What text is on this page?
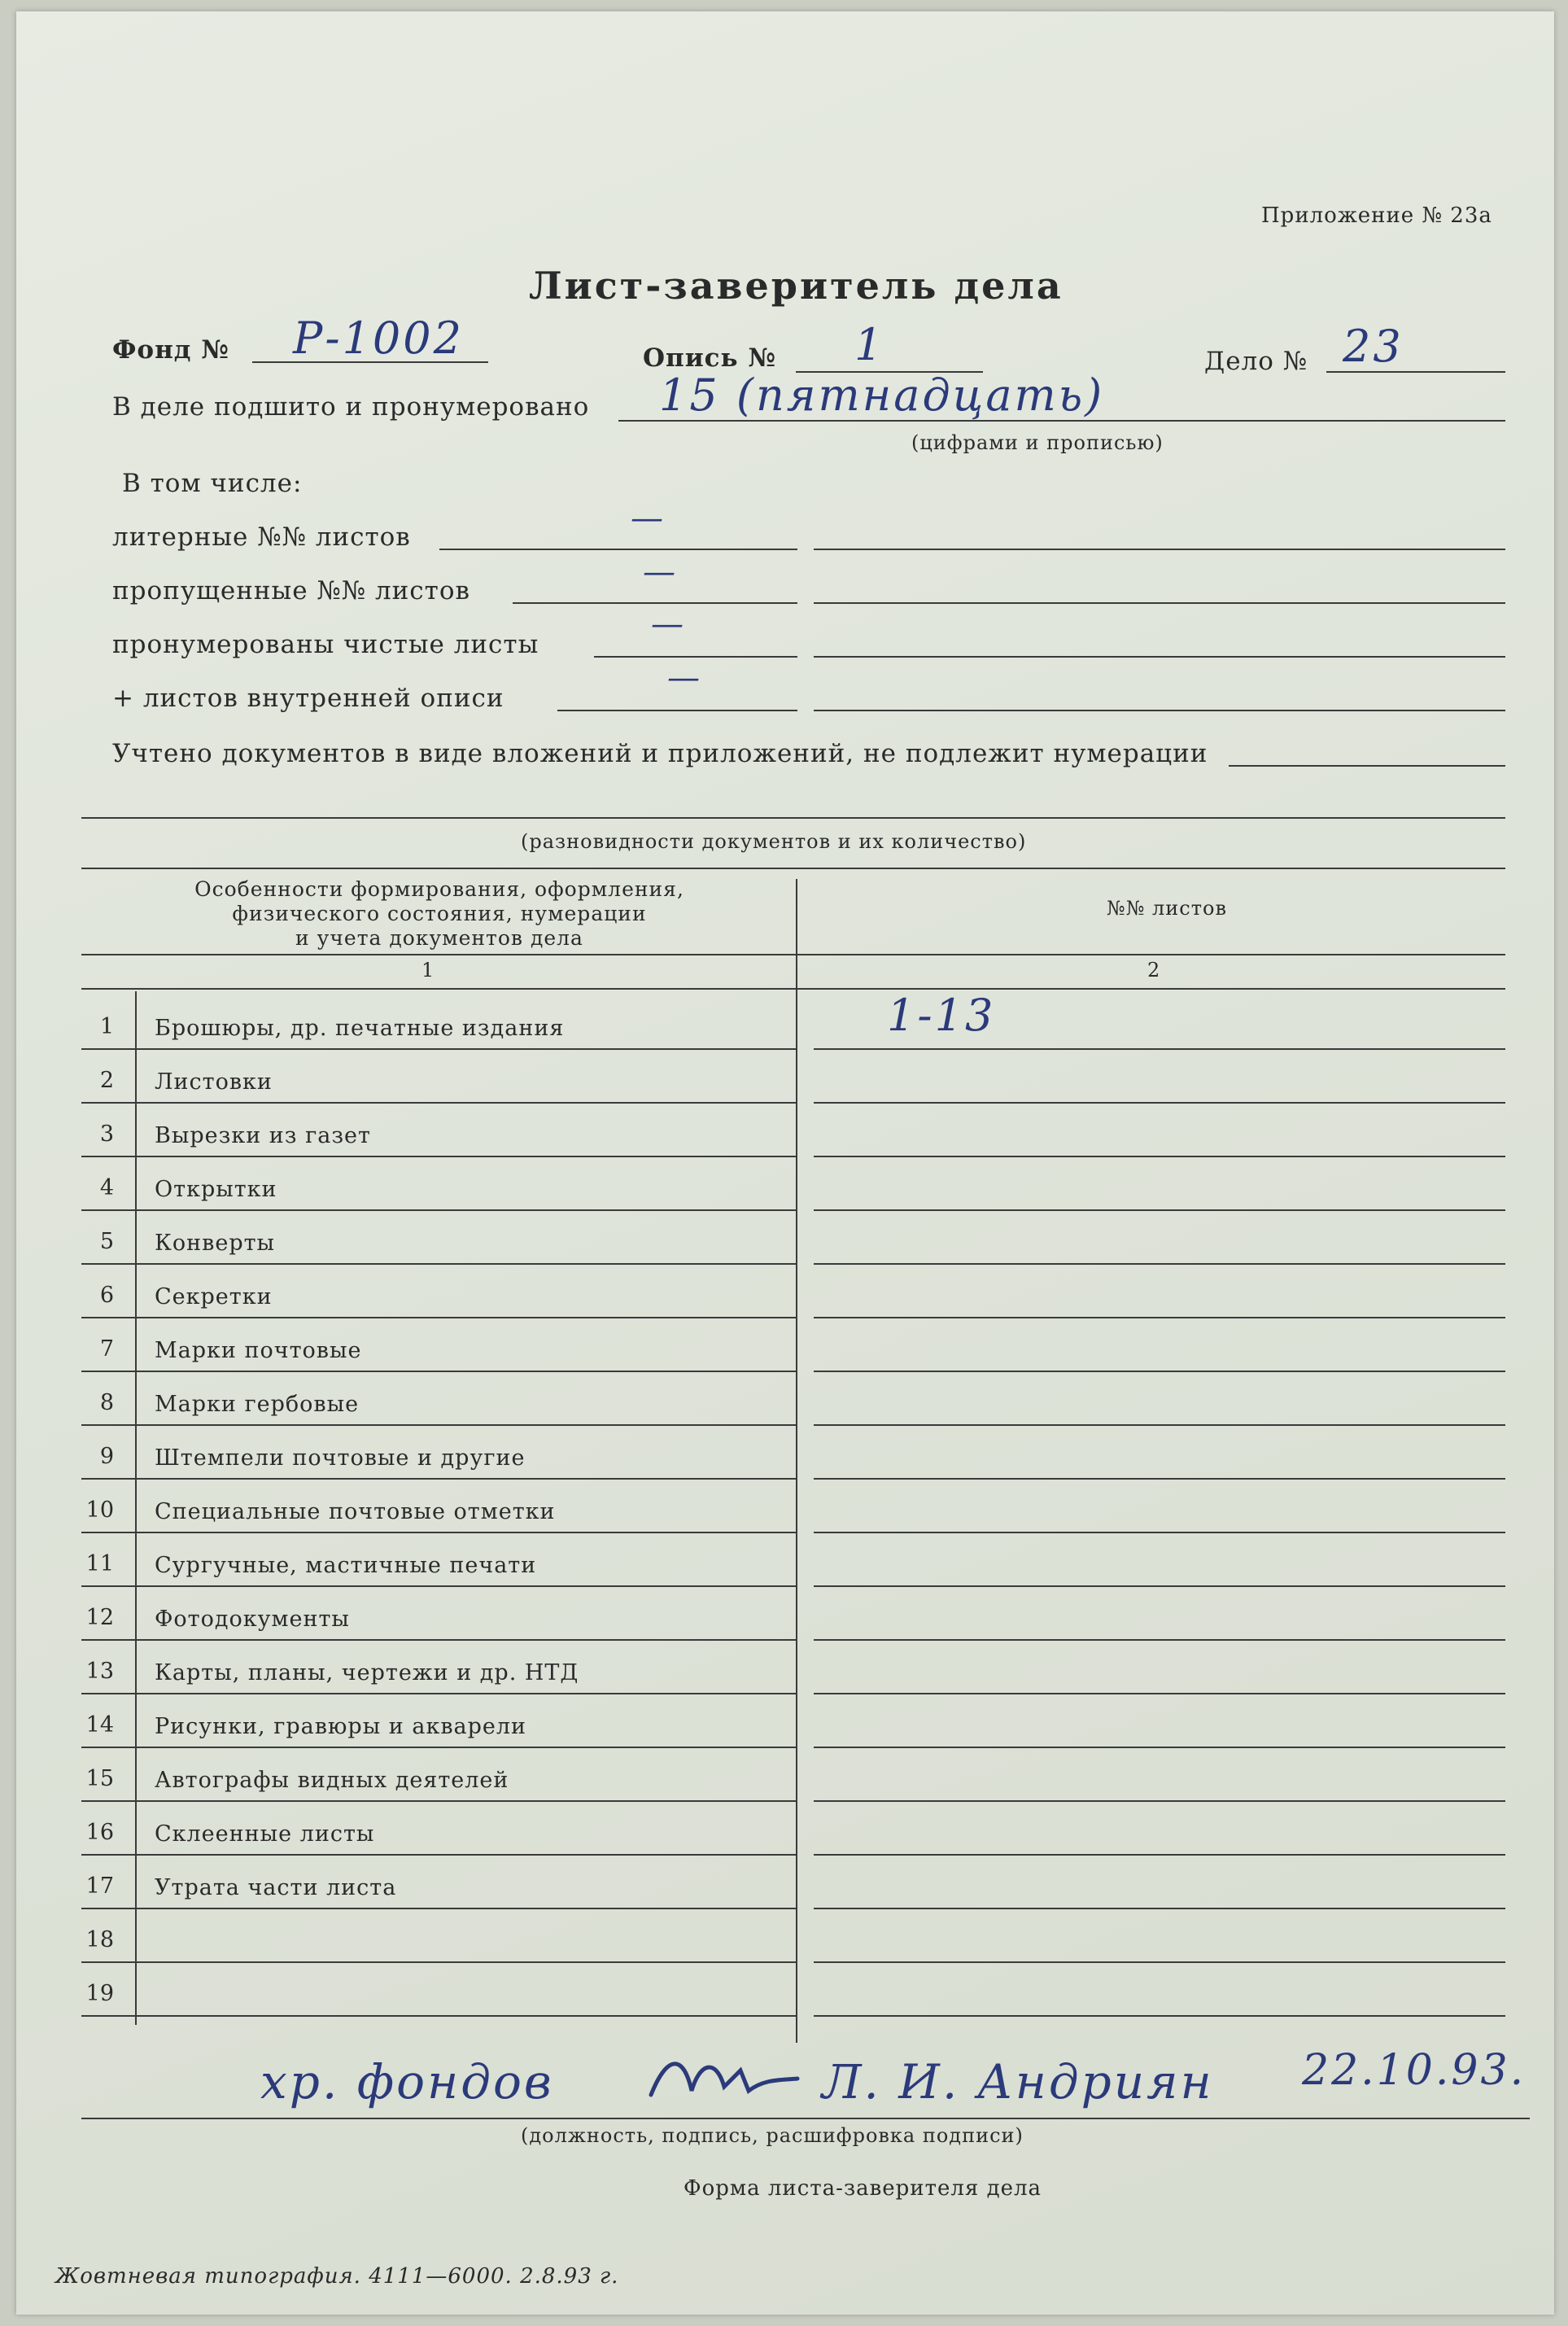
Приложение № 23а
Лист-заверитель дела
Фонд № Р-1002	Опись № 1	Дело № 23
В деле подшито и пронумеровано 15 (пятнадцать)
(цифрами и прописью)
В том числе:
литерные №№ листов	—
пропущенные №№ листов	—
пронумерованы чистые листы
—
+ листов внутренней описи
—
Учтено документов в виде вложений и приложений, не подлежит нумерации
(разновидности документов и их количество)
Особенности формирования, оформления,
физического состояния, нумерации
и учета документов дела
№№ листов
1	2
1 Брошюры, др. печатные издания	1-13
2 Листовки
3 Вырезки из газет
4 Открытки
5 Конверты
6 Секретки
7 Марки почтовые
8 Марки гербовые
9 Штемпели почтовые и другие
10 Специальные почтовые отметки
11 Сургучные, мастичные печати
12 Фотодокументы
13 Карты, планы, чертежи и др. НТД
14 Рисунки, гравюры и акварели
15 Автографы видных деятелей
16 Склеенные листы
17 Утрата части листа
18
19
хр. фондов	Л. И. Андриян 22.10.93.
(должность, подпись, расшифровка подписи)
Форма листа-заверителя дела
Жовтневая типография. 4111—6000. 2.8.93 г.
